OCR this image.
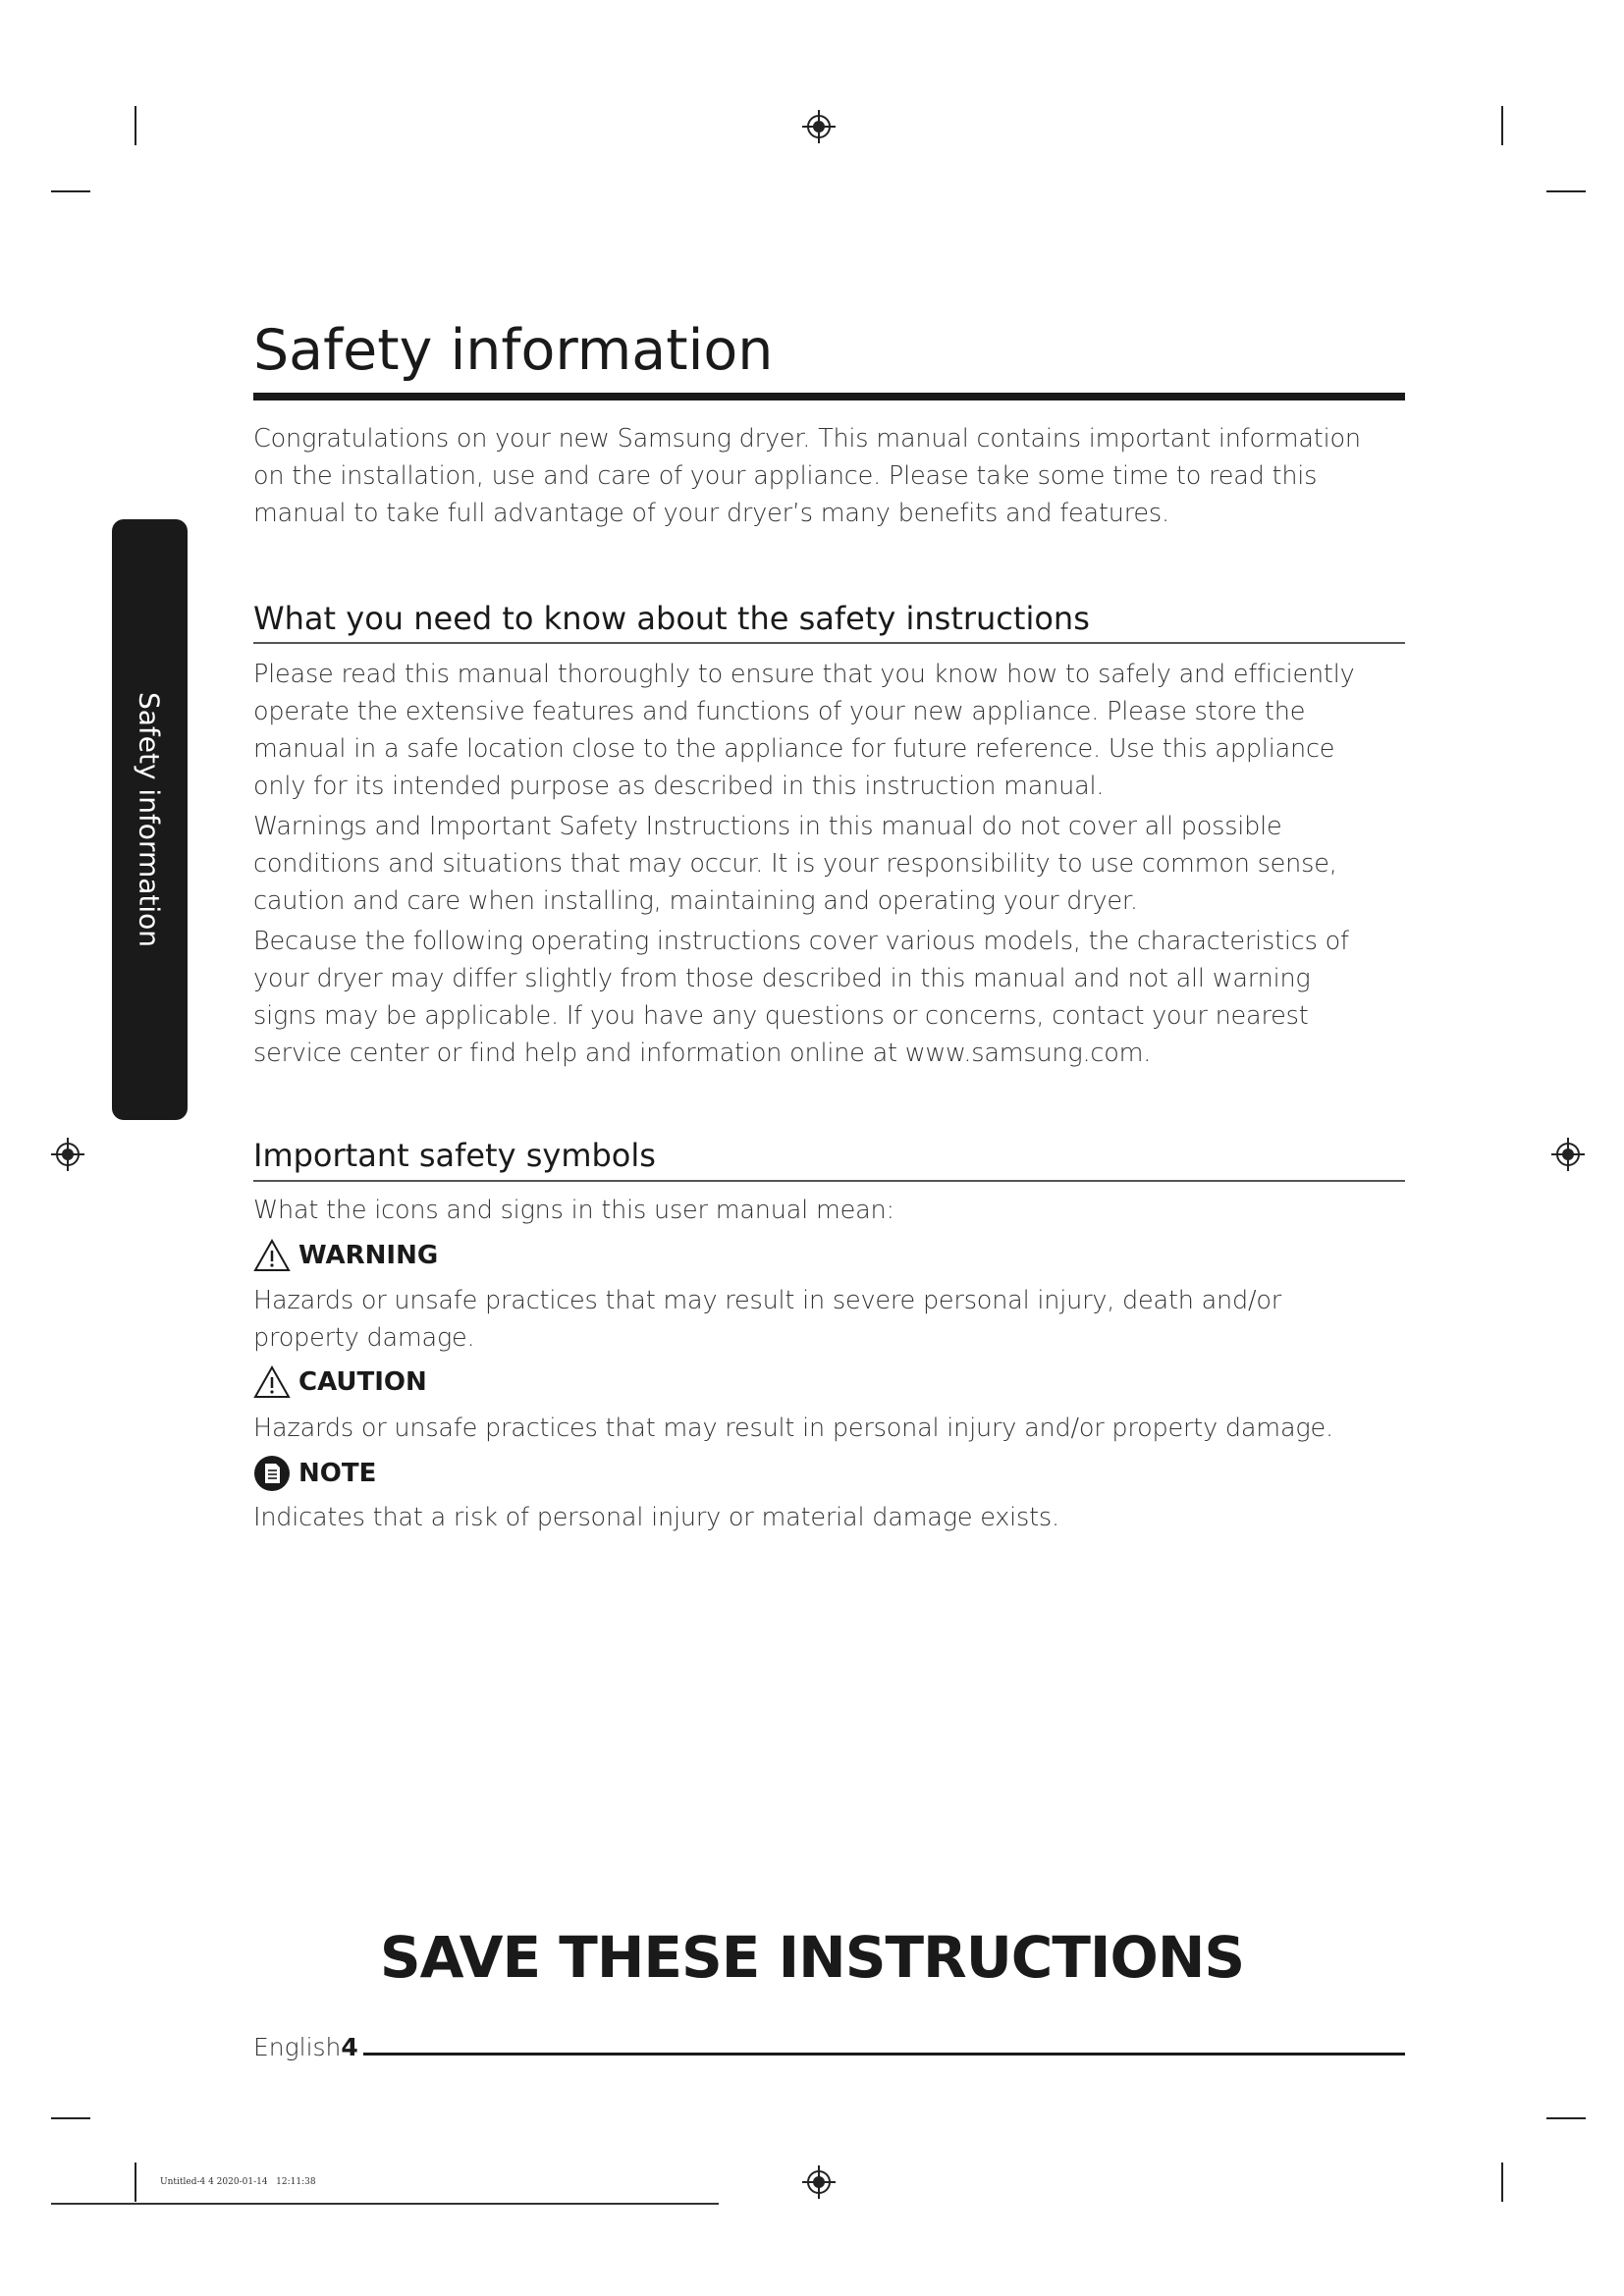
Safety information
Safety information

Congratulations on your new Samsung dryer. This manual contains important information

on the installation, use and care of your appliance. Please take some time to read this

manual to take full advantage of your dryer’s many benefits and features.

What you need to know about the safety instructions

Please read this manual thoroughly to ensure that you know how to safely and efficiently

operate the extensive features and functions of your new appliance. Please store the

manual in a safe location close to the appliance for future reference. Use this appliance

only for its intended purpose as described in this instruction manual.

Warnings and Important Safety Instructions in this manual do not cover all possible

conditions and situations that may occur. It is your responsibility to use common sense,

caution and care when installing, maintaining and operating your dryer.

Because the following operating instructions cover various models, the characteristics of

your dryer may differ slightly from those described in this manual and not all warning

signs may be applicable. If you have any questions or concerns, contact your nearest

service center or find help and information online at www.samsung.com.

Important safety symbols

What the icons and signs in this user manual mean:

WARNING

Hazards or unsafe practices that may result in severe personal injury, death and/or

property damage.

CAUTION

Hazards or unsafe practices that may result in personal injury and/or property damage.

NOTE

Indicates that a risk of personal injury or material damage exists.

SAVE THESE INSTRUCTIONS
English4
Untitled-4 4 2020-01-14   12:11:38
